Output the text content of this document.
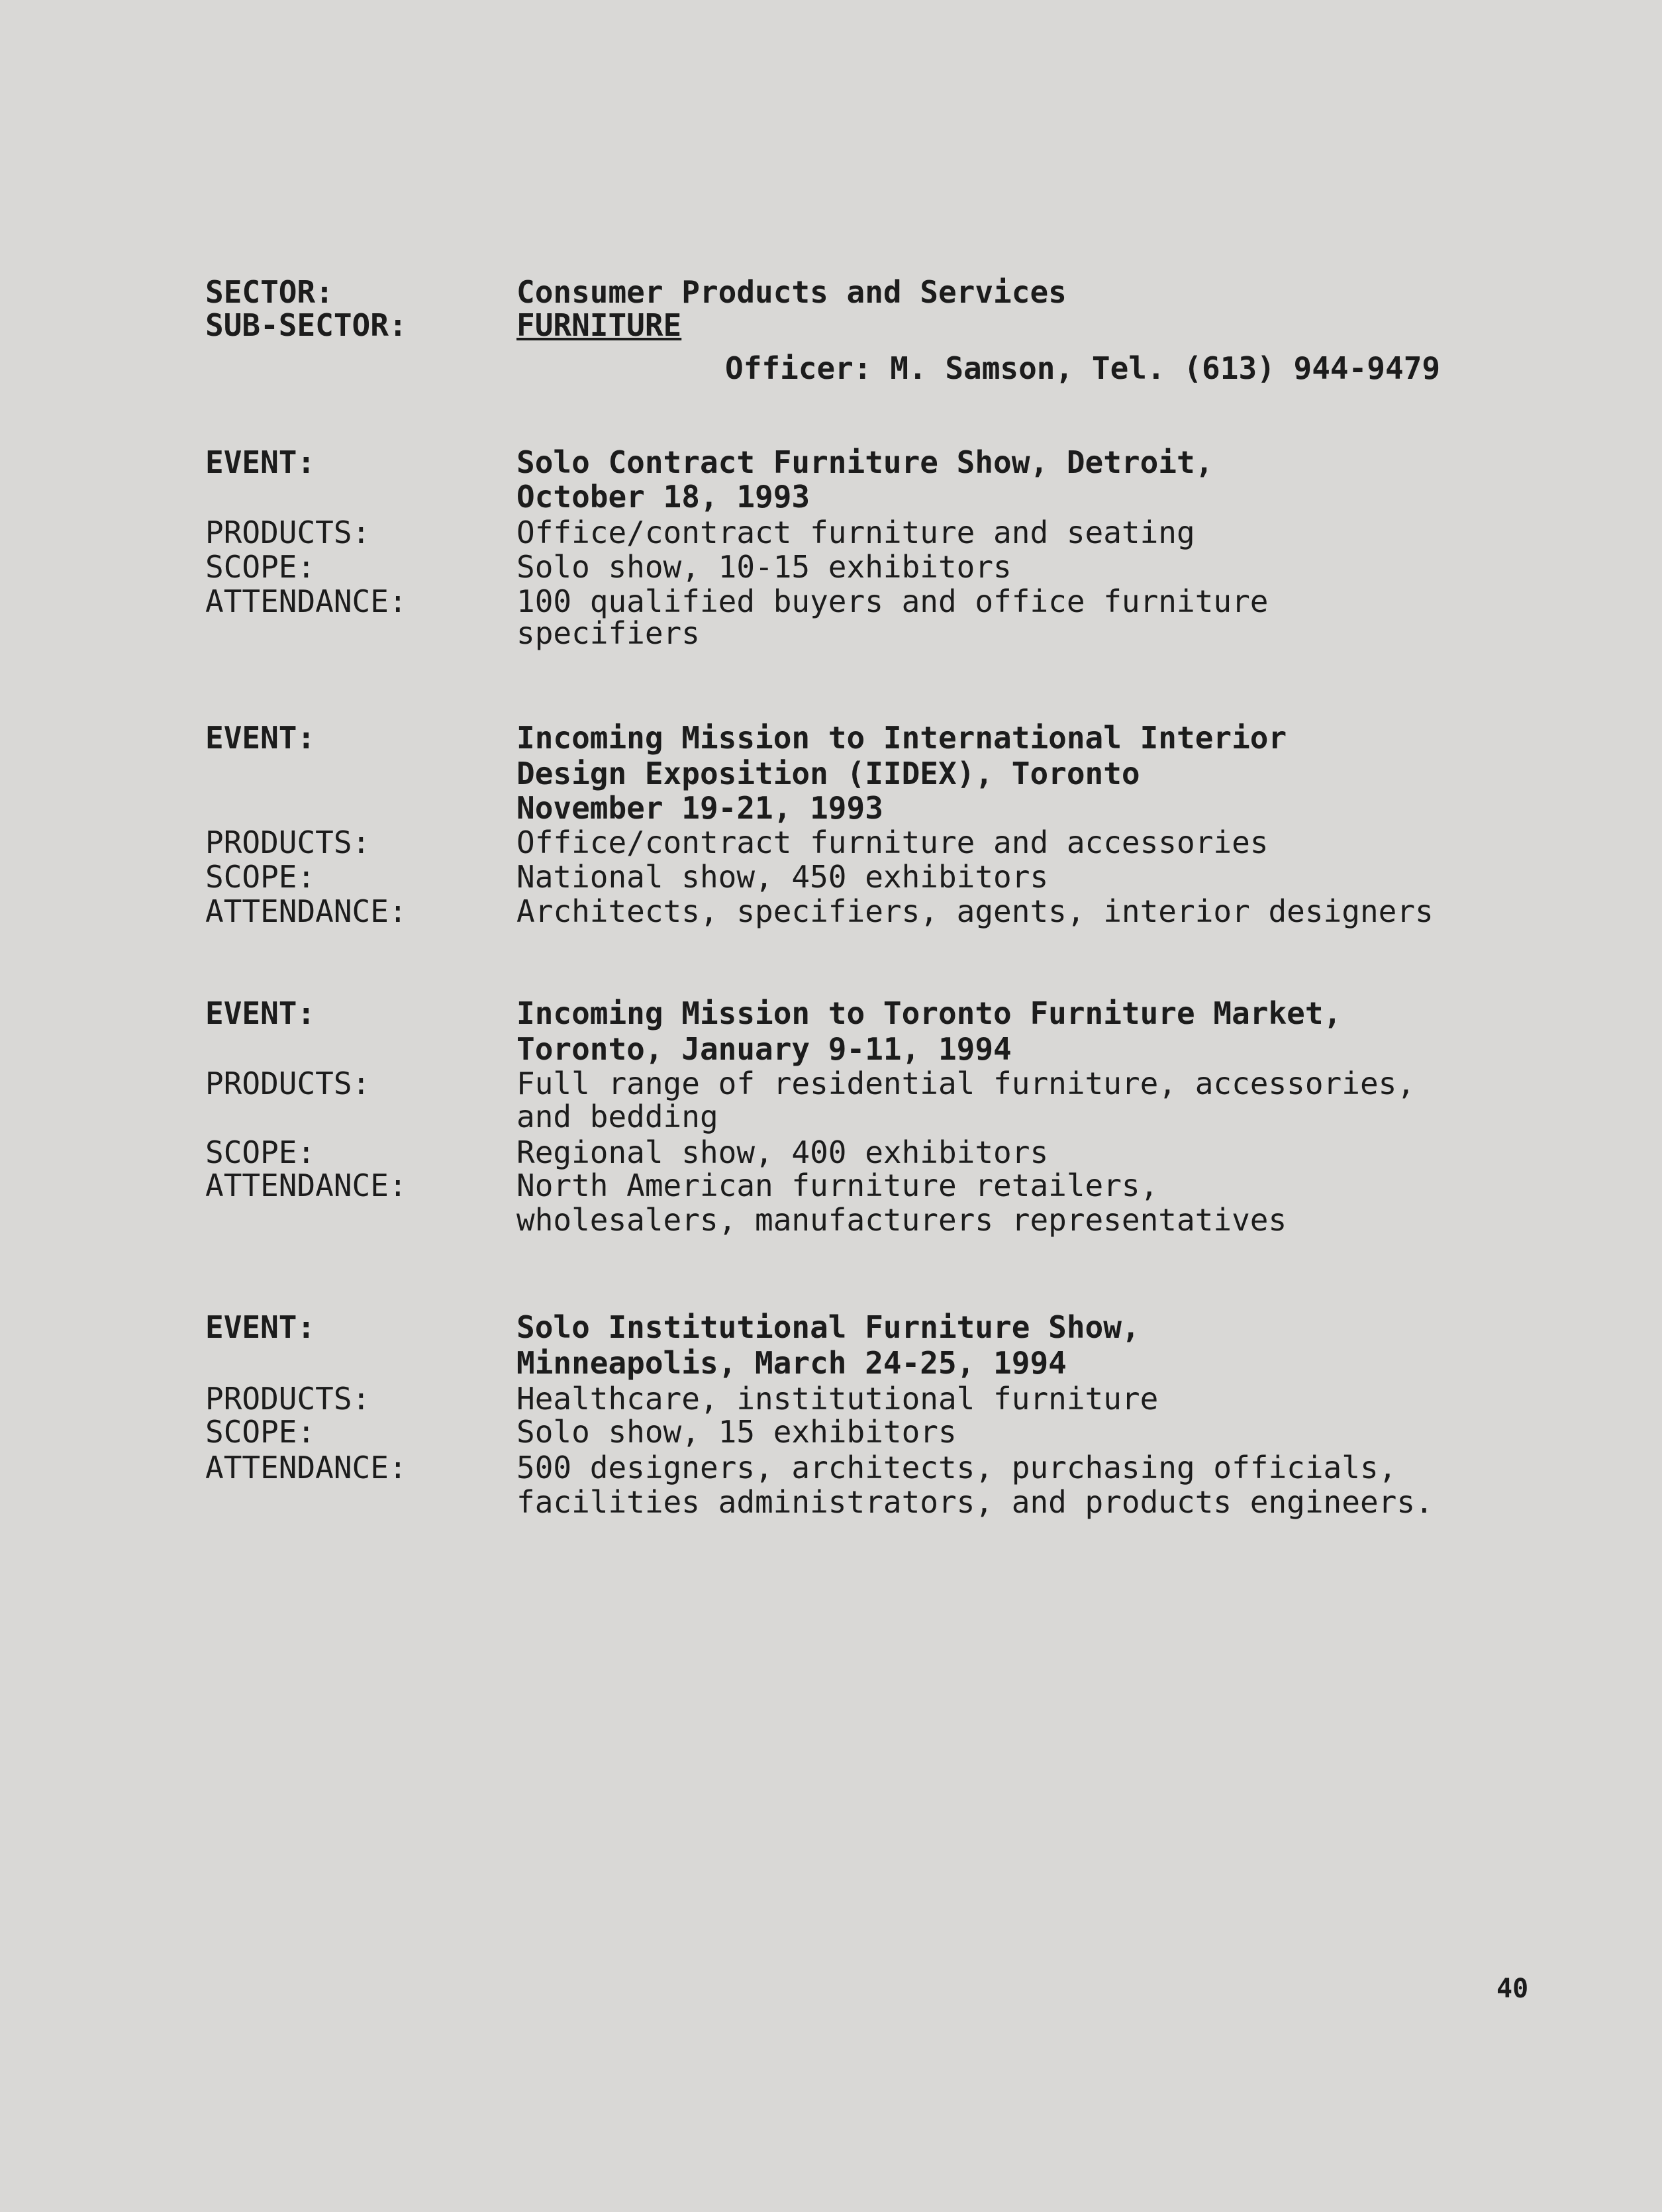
SECTOR:	Consumer Products and Services
SUB-SECTOR:	FURNITURE
Officer: M. Samson, Tel. (613) 944-9479
EVENT:	Solo Contract Furniture Show, Detroit,
October 18, 1993
PRODUCTS:	Office/contract furniture and seating
SCOPE:	Solo show, 10-15 exhibitors
ATTENDANCE:	100 qualified buyers and office furniture
specifiers
EVENT:	Incoming Mission to International Interior
Design Exposition (IIDEX), Toronto
November 19-21, 1993
PRODUCTS:	Office/contract furniture and accessories
SCOPE:	National show, 450 exhibitors
ATTENDANCE:	Architects, specifiers, agents, interior designers
EVENT:	Incoming Mission to Toronto Furniture Market,
Toronto, January 9-11, 1994
PRODUCTS:	Full range of residential furniture, accessories,
and bedding
SCOPE:	Regional show, 400 exhibitors
ATTENDANCE:	North American furniture retailers,
wholesalers, manufacturers representatives
EVENT:	Solo Institutional Furniture Show,
Minneapolis, March 24-25, 1994
PRODUCTS:	Healthcare, institutional furniture
SCOPE:	Solo show, 15 exhibitors
ATTENDANCE:	500 designers, architects, purchasing officials,
facilities administrators, and products engineers.
40
